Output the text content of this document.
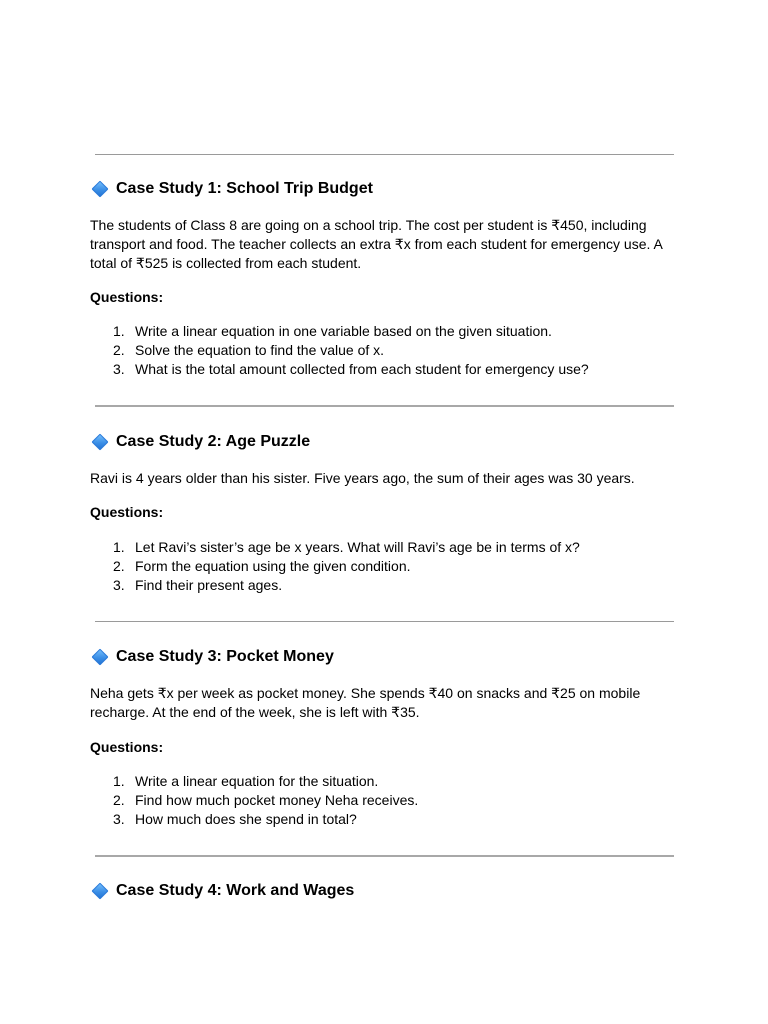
Case Study 1: School Trip Budget
The students of Class 8 are going on a school trip. The cost per student is ₹450, including
transport and food. The teacher collects an extra ₹x from each student for emergency use. A
total of ₹525 is collected from each student.
Questions:
1. Write a linear equation in one variable based on the given situation.
2. Solve the equation to find the value of x.
3. What is the total amount collected from each student for emergency use?
Case Study 2: Age Puzzle
Ravi is 4 years older than his sister. Five years ago, the sum of their ages was 30 years.
Questions:
1. Let Ravi’s sister’s age be x years. What will Ravi’s age be in terms of x?
2. Form the equation using the given condition.
3. Find their present ages.
Case Study 3: Pocket Money
Neha gets ₹x per week as pocket money. She spends ₹40 on snacks and ₹25 on mobile
recharge. At the end of the week, she is left with ₹35.
Questions:
1. Write a linear equation for the situation.
2. Find how much pocket money Neha receives.
3. How much does she spend in total?
Case Study 4: Work and Wages
